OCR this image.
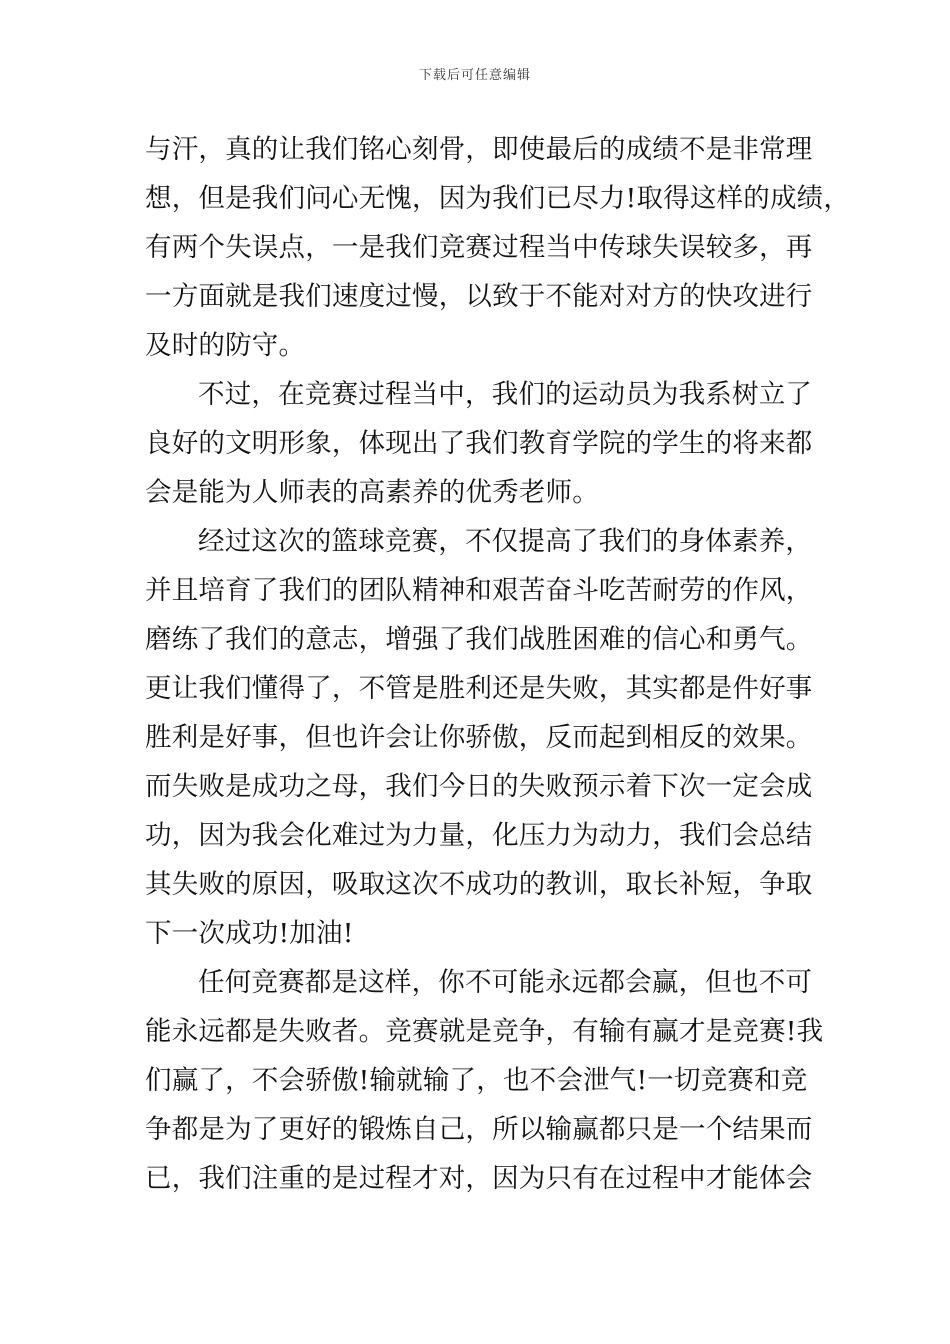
下载后可任意编辑
与汗，真的让我们铭心刻骨，即使最后的成绩不是非常理
想，但是我们问心无愧，因为我们已尽力!取得这样的成绩，
有两个失误点，一是我们竞赛过程当中传球失误较多，再
一方面就是我们速度过慢，以致于不能对对方的快攻进行
及时的防守。
不过，在竞赛过程当中，我们的运动员为我系树立了
良好的文明形象，体现出了我们教育学院的学生的将来都
会是能为人师表的高素养的优秀老师。
经过这次的篮球竞赛，不仅提高了我们的身体素养，
并且培育了我们的团队精神和艰苦奋斗吃苦耐劳的作风，
磨练了我们的意志，增强了我们战胜困难的信心和勇气。
更让我们懂得了，不管是胜利还是失败，其实都是件好事
胜利是好事，但也许会让你骄傲，反而起到相反的效果。
而失败是成功之母，我们今日的失败预示着下次一定会成
功，因为我会化难过为力量，化压力为动力，我们会总结
其失败的原因，吸取这次不成功的教训，取长补短，争取
下一次成功!加油!
任何竞赛都是这样，你不可能永远都会赢，但也不可
能永远都是失败者。竞赛就是竞争，有输有赢才是竞赛!我
们赢了，不会骄傲!输就输了，也不会泄气!一切竞赛和竞
争都是为了更好的锻炼自己，所以输赢都只是一个结果而
已，我们注重的是过程才对，因为只有在过程中才能体会
